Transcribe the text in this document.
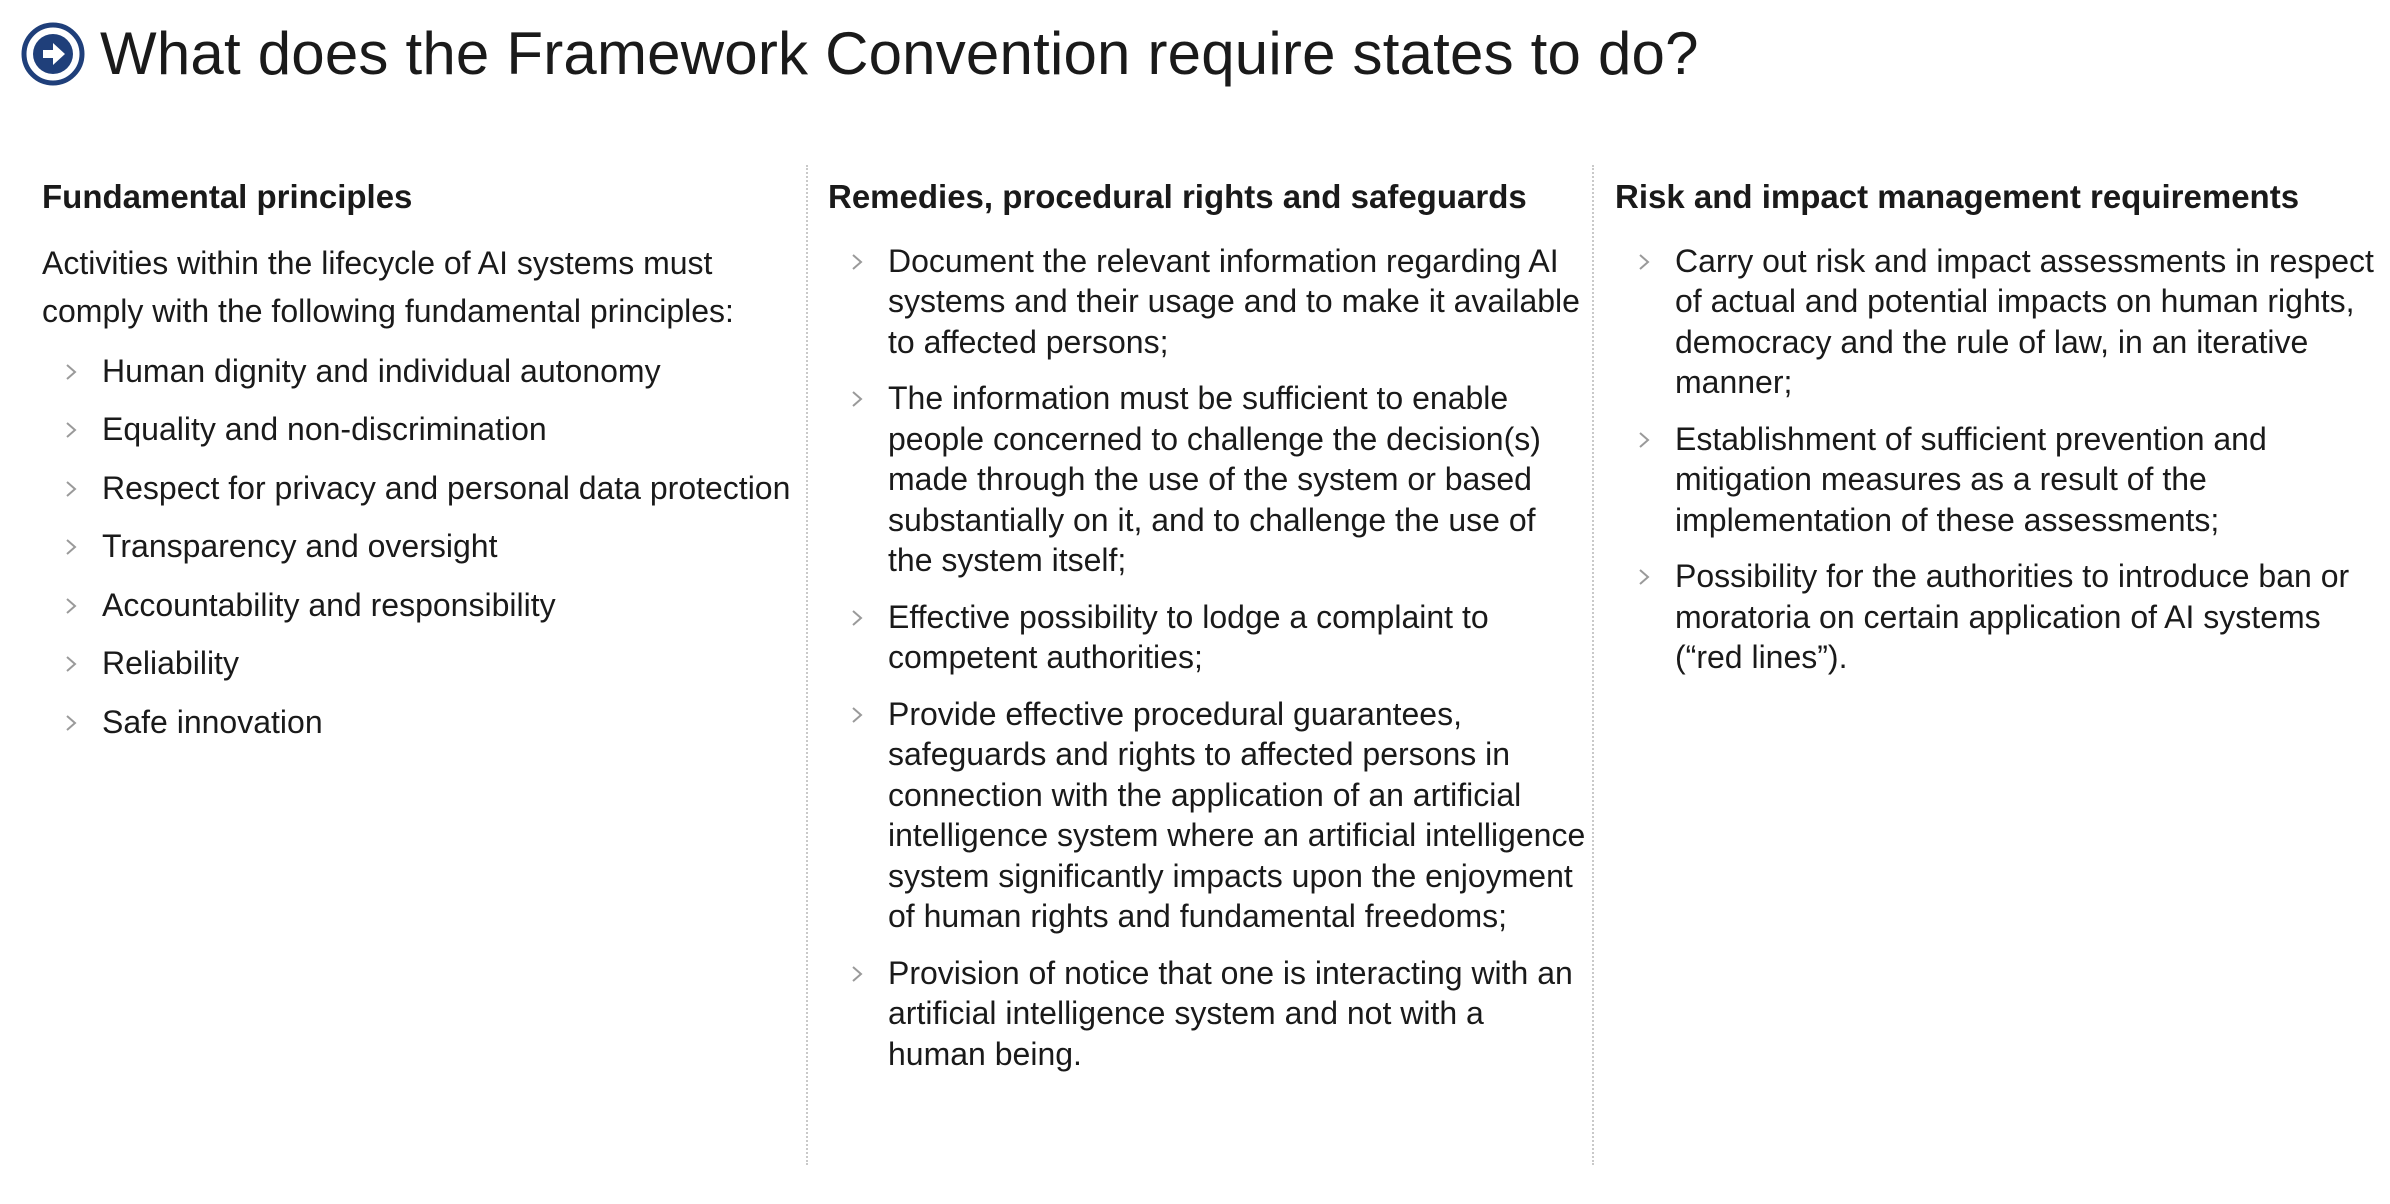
What does the Framework Convention require states to do?
Fundamental principles

Activities within the lifecycle of AI systems must comply with the following fundamental principles:

Human dignity and individual autonomy
Equality and non-discrimination
Respect for privacy and personal data protection
Transparency and oversight
Accountability and responsibility
Reliability
Safe innovation
Remedies, procedural rights and safeguards
Document the relevant information regarding AI systems and their usage and to make it available to affected persons;
The information must be sufficient to enable people concerned to challenge the decision(s) made through the use of the system or based substantially on it, and to challenge the use of the system itself;
Effective possibility to lodge a complaint to competent authorities;
Provide effective procedural guarantees, safeguards and rights to affected persons in connection with the application of an artificial intelligence system where an artificial intelligence system significantly impacts upon the enjoyment of human rights and fundamental freedoms;
Provision of notice that one is interacting with an artificial intelligence system and not with a human being.
Risk and impact management requirements
Carry out risk and impact assessments in respect of actual and potential impacts on human rights, democracy and the rule of law, in an iterative manner;
Establishment of sufficient prevention and mitigation measures as a result of the implementation of these assessments;
Possibility for the authorities to introduce ban or moratoria on certain application of AI systems (“red lines”).
